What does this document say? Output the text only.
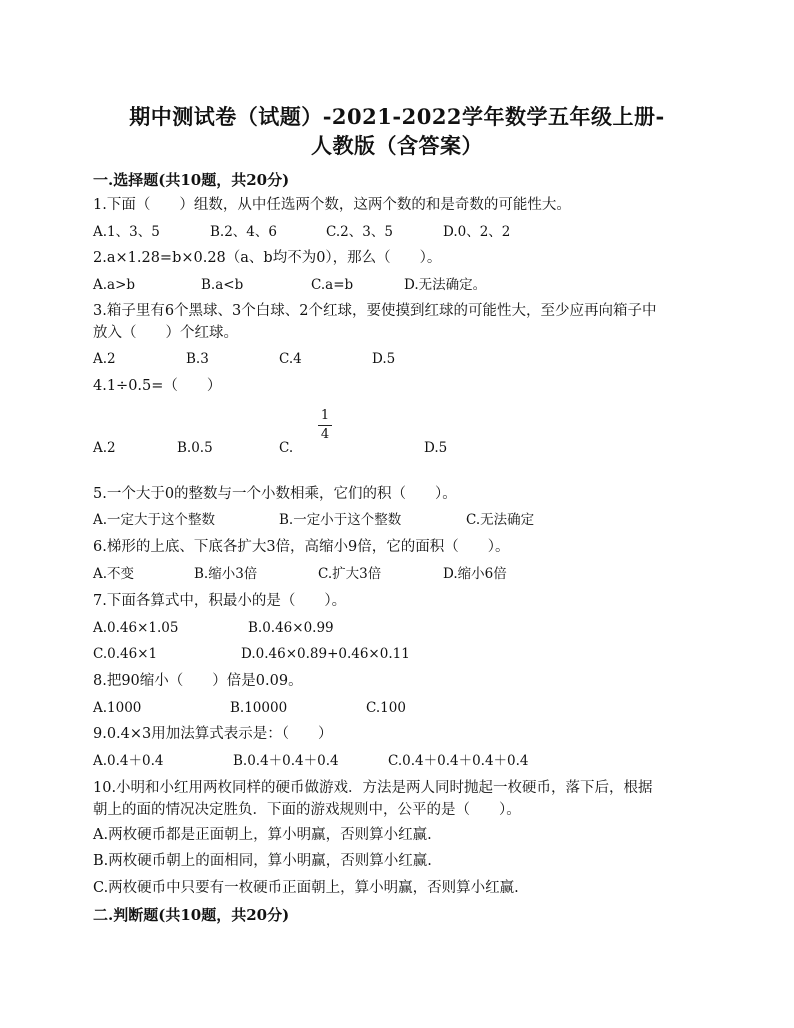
期中测试卷（试题）-2021-2022学年数学五年级上册-
人教版（含答案）
一.选择题(共10题，共20分)
1.下面（　　）组数，从中任选两个数，这两个数的和是奇数的可能性大。
A.1、3、5	B.2、4、6	C.2、3、5	D.0、2、2
2.a×1.28=b×0.28（a、b均不为0），那么（　　）。
A.a>b	B.a<b	C.a=b	D.无法确定。
3.箱子里有6个黑球、3个白球、2个红球，要使摸到红球的可能性大，至少应再向箱子中
放入（　　）个红球。
A.2	B.3	C.4	D.5
4.1÷0.5=（　　）
1
4
A.2	B.0.5	C.	D.5
5.一个大于0的整数与一个小数相乘，它们的积（　　）。
A.一定大于这个整数	B.一定小于这个整数	C.无法确定
6.梯形的上底、下底各扩大3倍，高缩小9倍，它的面积（　　）。
A.不变	B.缩小3倍	C.扩大3倍	D.缩小6倍
7.下面各算式中，积最小的是（　　）。
A.0.46×1.05	B.0.46×0.99
C.0.46×1	D.0.46×0.89+0.46×0.11
8.把90缩小（　　）倍是0.09。
A.1000	B.10000	C.100
9.0.4×3用加法算式表示是：（　　）
A.0.4＋0.4	B.0.4＋0.4＋0.4	C.0.4＋0.4＋0.4＋0.4
10.小明和小红用两枚同样的硬币做游戏．方法是两人同时抛起一枚硬币，落下后，根据
朝上的面的情况决定胜负．下面的游戏规则中，公平的是（　　）。
A.两枚硬币都是正面朝上，算小明赢，否则算小红赢.
B.两枚硬币朝上的面相同，算小明赢，否则算小红赢.
C.两枚硬币中只要有一枚硬币正面朝上，算小明赢，否则算小红赢.
二.判断题(共10题，共20分)
